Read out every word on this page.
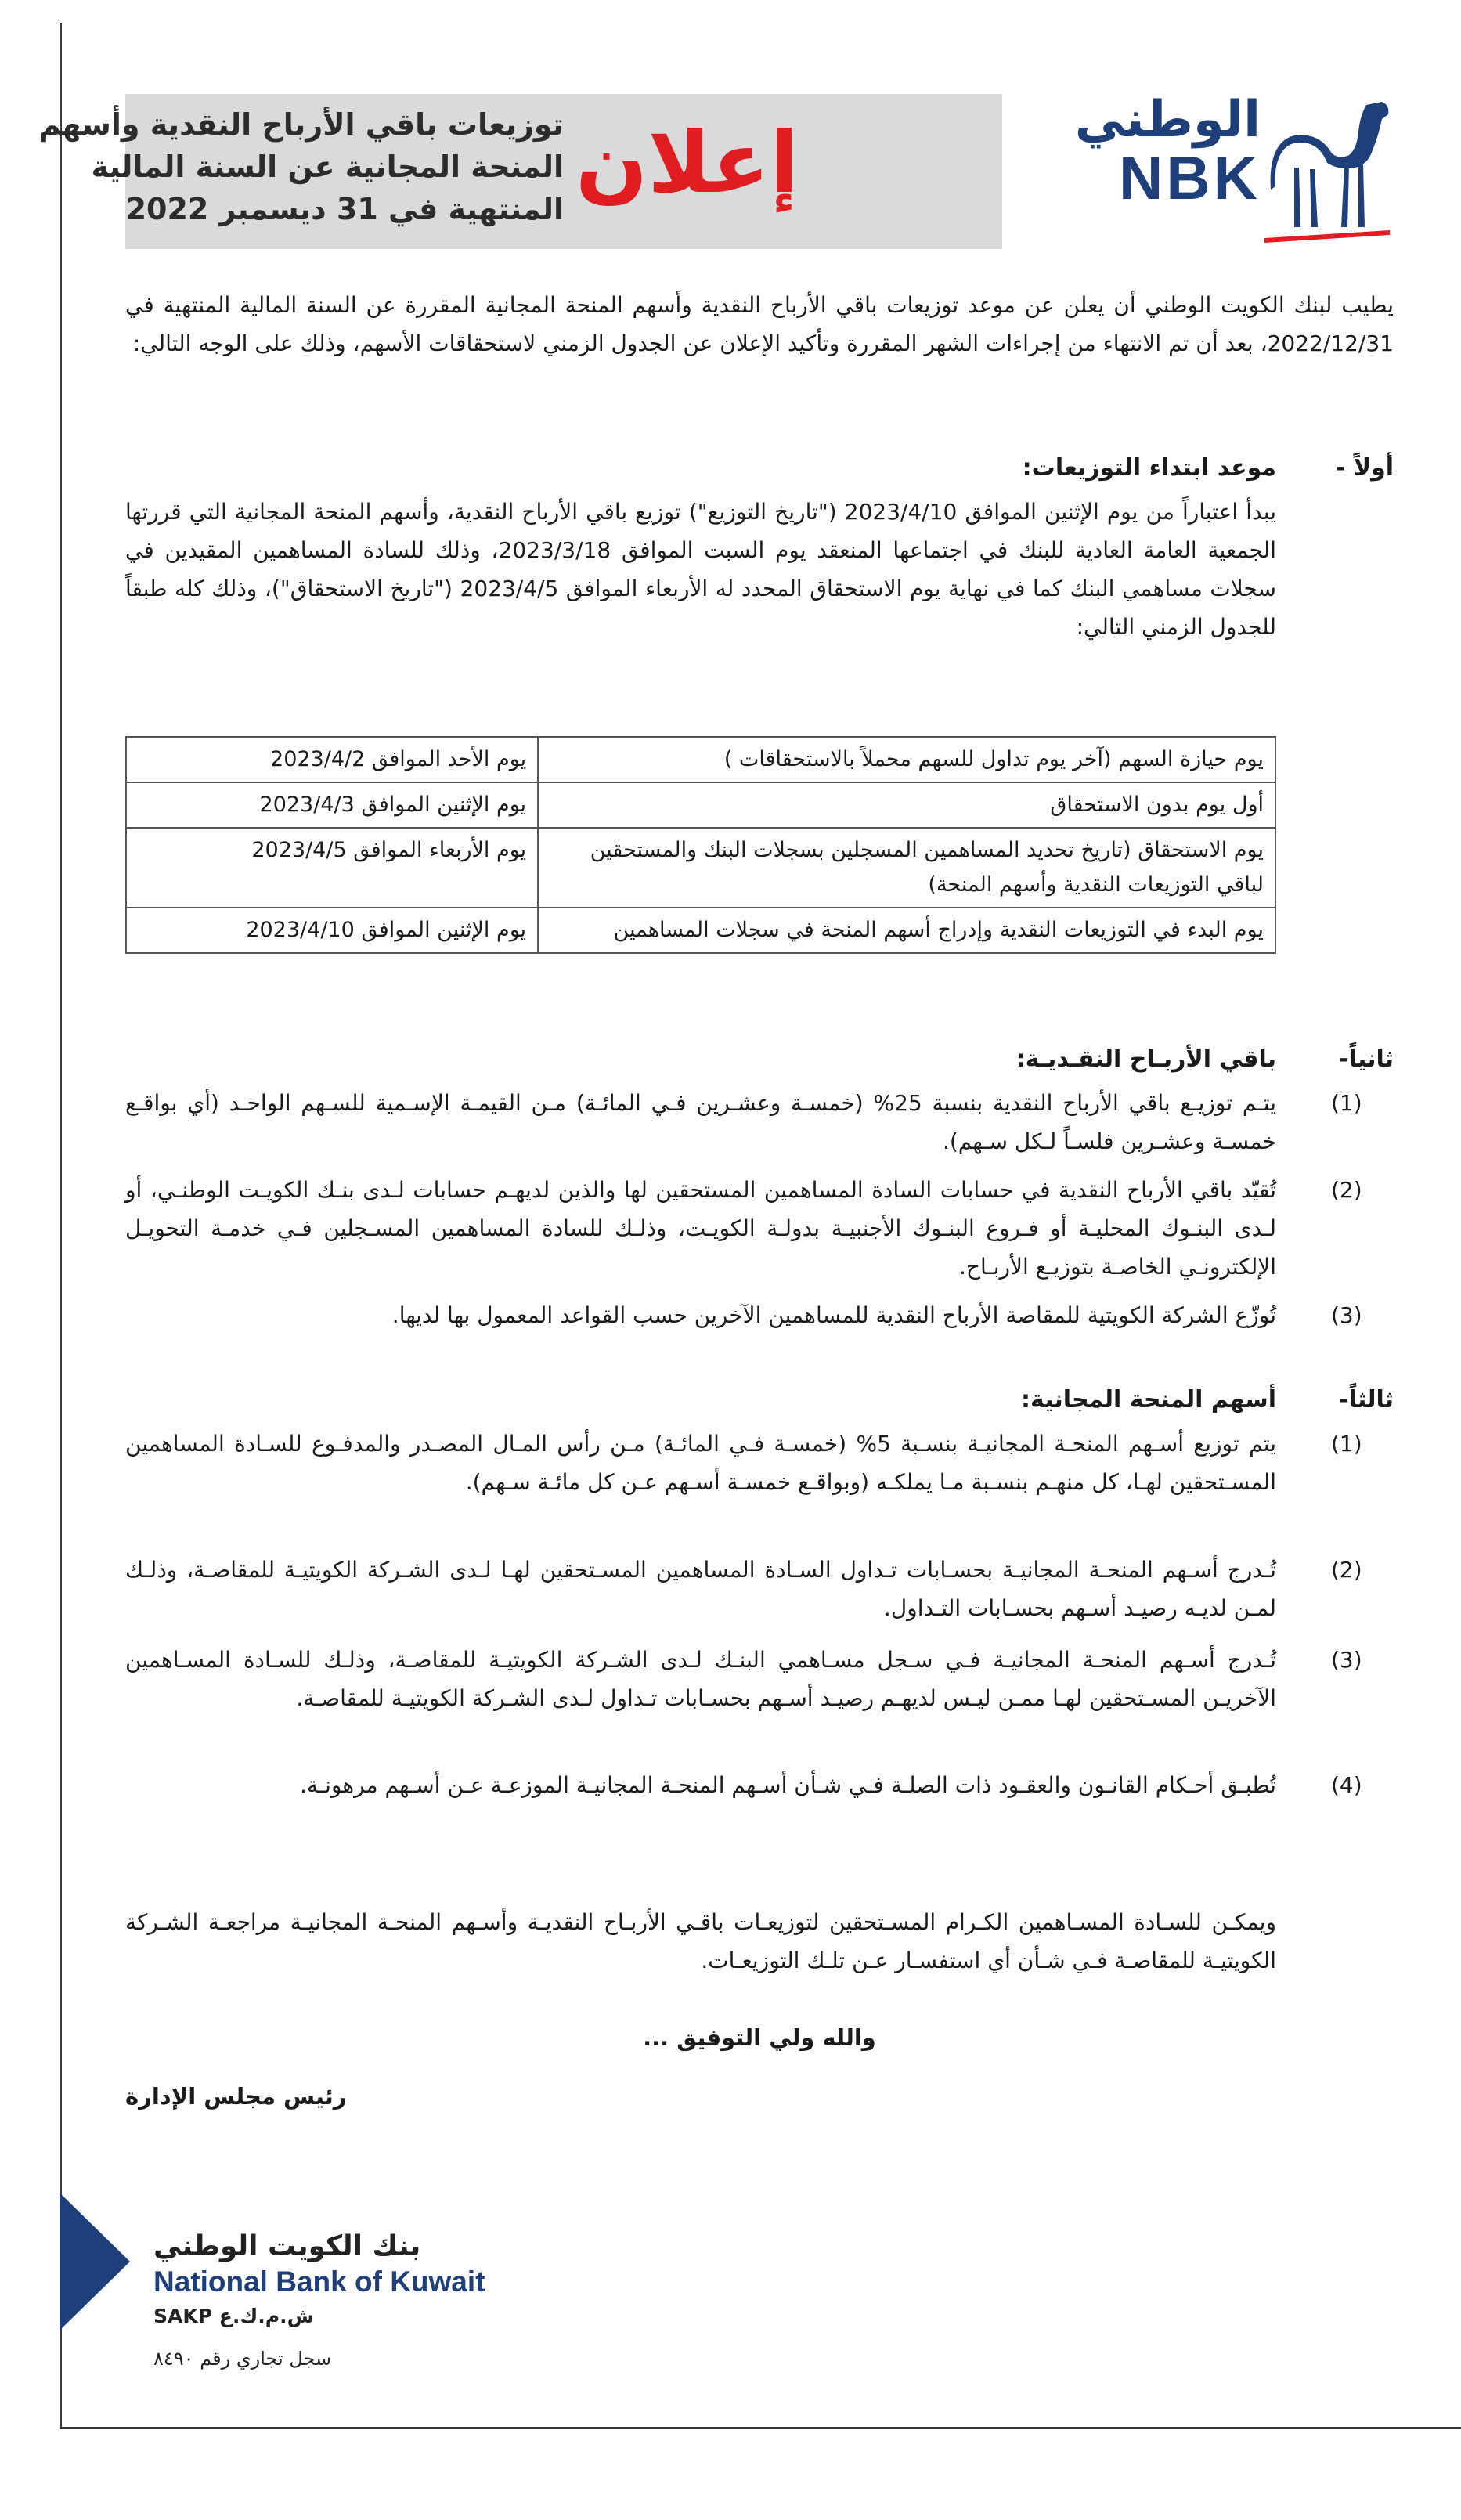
الوطني
NBK
إعلان
توزيعات باقي الأرباح النقدية وأسهم
المنحة المجانية عن السنة المالية
المنتهية في 31 ديسمبر 2022
يطيب لبنك الكويت الوطني أن يعلن عن موعد توزيعات باقي الأرباح النقدية وأسهم المنحة المجانية المقررة عن السنة المالية المنتهية في 2022/12/31، بعد أن تم الانتهاء من إجراءات الشهر المقررة وتأكيد الإعلان عن الجدول الزمني لاستحقاقات الأسهم، وذلك على الوجه التالي:
أولاً -
موعد ابتداء التوزيعات:
يبدأ اعتباراً من يوم الإثنين الموافق 2023/4/10 ("تاريخ التوزيع") توزيع باقي الأرباح النقدية، وأسهم المنحة المجانية التي قررتها الجمعية العامة العادية للبنك في اجتماعها المنعقد يوم السبت الموافق 2023/3/18، وذلك للسادة المساهمين المقيدين في سجلات مساهمي البنك كما في نهاية يوم الاستحقاق المحدد له الأربعاء الموافق 2023/4/5 ("تاريخ الاستحقاق")، وذلك كله طبقاً للجدول الزمني التالي:
يوم حيازة السهم (آخر يوم تداول للسهم محملاً بالاستحقاقات )	يوم الأحد الموافق 2023/4/2
أول يوم بدون الاستحقاق	يوم الإثنين الموافق 2023/4/3
يوم الاستحقاق (تاريخ تحديد المساهمين المسجلين بسجلات البنك والمستحقين لباقي التوزيعات النقدية وأسهم المنحة)	يوم الأربعاء الموافق 2023/4/5
يوم البدء في التوزيعات النقدية وإدراج أسهم المنحة في سجلات المساهمين	يوم الإثنين الموافق 2023/4/10
ثانياً-
باقي الأربـاح النقـديـة:
(1)
يتـم توزيـع باقي الأرباح النقدية بنسبة 25% (خمسـة وعشـرين فـي المائـة) مـن القيمـة الإسـمية للسـهم الواحـد (أي بواقـع خمسـة وعشـرين فلسـاً لـكل سـهم).
(2)
تُقيّد باقي الأرباح النقدية في حسابات السادة المساهمين المستحقين لها والذين لديهـم حسابات لـدى بنـك الكويـت الوطنـي، أو لـدى البنـوك المحليـة أو فـروع البنـوك الأجنبيـة بدولـة الكويـت، وذلـك للسادة المساهمين المسـجلين فـي خدمـة التحويـل الإلكترونـي الخاصـة بتوزيـع الأربـاح.
(3)
تُوزّع الشركة الكويتية للمقاصة الأرباح النقدية للمساهمين الآخرين حسب القواعد المعمول بها لديها.
ثالثاً-
أسهم المنحة المجانية:
(1)
يتم توزيع أسـهم المنحـة المجانيـة بنسـبة 5% (خمسـة فـي المائـة) مـن رأس المـال المصـدر والمدفـوع للسـادة المساهمين المسـتحقين لهـا، كل منهـم بنسـبة مـا يملكـه (وبواقـع خمسـة أسـهم عـن كل مائـة سـهم).
(2)
تُـدرج أسـهم المنحـة المجانيـة بحسـابات تـداول السـادة المساهمين المسـتحقين لهـا لـدى الشـركة الكويتيـة للمقاصـة، وذلـك لمـن لديـه رصيـد أسـهم بحسـابات التـداول.
(3)
تُـدرج أسـهم المنحـة المجانيـة فـي سـجل مسـاهمي البنـك لـدى الشـركة الكويتيـة للمقاصـة، وذلـك للسـادة المسـاهمين الآخريـن المسـتحقين لهـا ممـن ليـس لديهـم رصيـد أسـهم بحسـابات تـداول لـدى الشـركة الكويتيـة للمقاصـة.
(4)
تُطبـق أحـكام القانـون والعقـود ذات الصلـة فـي شـأن أسـهم المنحـة المجانيـة الموزعـة عـن أسـهم مرهونـة.
ويمكـن للسـادة المسـاهمين الكـرام المسـتحقين لتوزيعـات باقـي الأربـاح النقديـة وأسـهم المنحـة المجانيـة مراجعـة الشـركة الكويتيـة للمقاصـة فـي شـأن أي استفسـار عـن تلـك التوزيعـات.
والله ولي التوفيق ...
رئيس مجلس الإدارة
بنك الكويت الوطني
National Bank of Kuwait
SAKP ش.م.ك.ع
سجل تجاري رقم ٨٤٩٠
